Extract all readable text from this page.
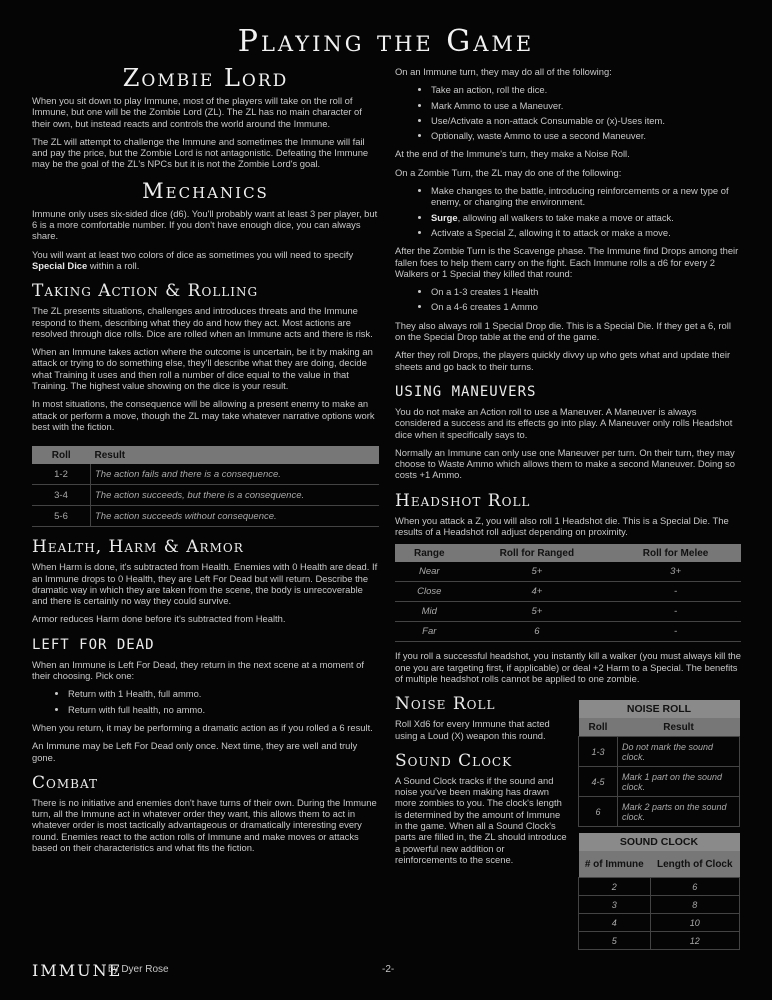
Playing the Game
Zombie Lord

When you sit down to play Immune, most of the players will take on the roll of Immune, but one will be the Zombie Lord (ZL). The ZL has no main character of their own, but instead reacts and controls the world around the Immune.

The ZL will attempt to challenge the Immune and sometimes the Immune will fail and pay the price, but the Zombie Lord is not antagonistic. Defeating the Immune may be the goal of the ZL's NPCs but it is not the Zombie Lord's goal.

Mechanics

Immune only uses six-sided dice (d6). You'll probably want at least 3 per player, but 6 is a more comfortable number. If you don't have enough dice, you can always share.

You will want at least two colors of dice as sometimes you will need to specify Special Dice within a roll.

Taking Action & Rolling

The ZL presents situations, challenges and introduces threats and the Immune respond to them, describing what they do and how they act. Most actions are resolved through dice rolls. Dice are rolled when an Immune acts and there is risk.

When an Immune takes action where the outcome is uncertain, be it by making an attack or trying to do something else, they'll describe what they are doing, decide what Training it uses and then roll a number of dice equal to the value in that Training. The highest value showing on the dice is your result.

In most situations, the consequence will be allowing a present enemy to make an attack or perform a move, though the ZL may take whatever narrative options work best with the fiction.

Roll	Result
1-2	The action fails and there is a consequence.
3-4	The action succeeds, but there is a consequence.
5-6	The action succeeds without consequence.
Health, Harm & Armor

When Harm is done, it's subtracted from Health. Enemies with 0 Health are dead. If an Immune drops to 0 Health, they are Left For Dead but will return. Describe the dramatic way in which they are taken from the scene, the body is unrecoverable and there is certainly no way they could survive.

Armor reduces Harm done before it's subtracted from Health.

LEFT FOR DEAD

When an Immune is Left For Dead, they return in the next scene at a moment of their choosing. Pick one:

• Return with 1 Health, full ammo.
• Return with full health, no ammo.

When you return, it may be performing a dramatic action as if you rolled a 6 result.

An Immune may be Left For Dead only once. Next time, they are well and truly gone.

Combat

There is no initiative and enemies don't have turns of their own. During the Immune turn, all the Immune act in whatever order they want, this allows them to act in whatever order is most tactically advantageous or dramatically interesting every round. Enemies react to the action rolls of Immune and make moves or attacks based on their characteristics and what fits the fiction.

On an Immune turn, they may do all of the following:

• Take an action, roll the dice.
• Mark Ammo to use a Maneuver.
• Use/Activate a non-attack Consumable or (x)-Uses item.
• Optionally, waste Ammo to use a second Maneuver.

At the end of the Immune's turn, they make a Noise Roll.

On a Zombie Turn, the ZL may do one of the following:

• Make changes to the battle, introducing reinforcements or a new type of enemy, or changing the environment.
• Surge, allowing all walkers to take make a move or attack.
• Activate a Special Z, allowing it to attack or make a move.

After the Zombie Turn is the Scavenge phase. The Immune find Drops among their fallen foes to help them carry on the fight. Each Immune rolls a d6 for every 2 Walkers or 1 Special they killed that round:

• On a 1-3 creates 1 Health
• On a 4-6 creates 1 Ammo

They also always roll 1 Special Drop die. This is a Special Die. If they get a 6, roll on the Special Drop table at the end of the game.

After they roll Drops, the players quickly divvy up who gets what and update their sheets and go back to their turns.

USING MANEUVERS

You do not make an Action roll to use a Maneuver. A Maneuver is always considered a success and its effects go into play. A Maneuver only rolls Headshot dice when it specifically says to.

Normally an Immune can only use one Maneuver per turn. On their turn, they may choose to Waste Ammo which allows them to make a second Maneuver. Doing so costs +1 Ammo.

Headshot Roll

When you attack a Z, you will also roll 1 Headshot die. This is a Special Die. The results of a Headshot roll adjust depending on proximity.

Range	Roll for Ranged	Roll for Melee
Near	5+	3+
Close	4+	-
Mid	5+	-
Far	6	-

If you roll a successful headshot, you instantly kill a walker (you must always kill the one you are targeting first, if applicable) or deal +2 Harm to a Special. The benefits of multiple headshot rolls cannot be applied to one zombie.

Noise Roll

Roll Xd6 for every Immune that acted using a Loud (X) weapon this round.

Sound Clock

A Sound Clock tracks if the sound and noise you've been making has drawn more zombies to you. The clock's length is determined by the amount of Immune in the game. When all a Sound Clock's parts are filled in, the ZL should introduce a powerful new addition or reinforcements to the scene.

NOISE ROLL	
Roll	Result
1-3	Do not mark the sound clock.
4-5	Mark 1 part on the sound clock.
6	Mark 2 parts on the sound clock.
SOUND CLOCK	
# of Immune	Length of Clock
2	6
3	8
4	10
5	12
IMMUNE
by Dyer Rose	-2-
